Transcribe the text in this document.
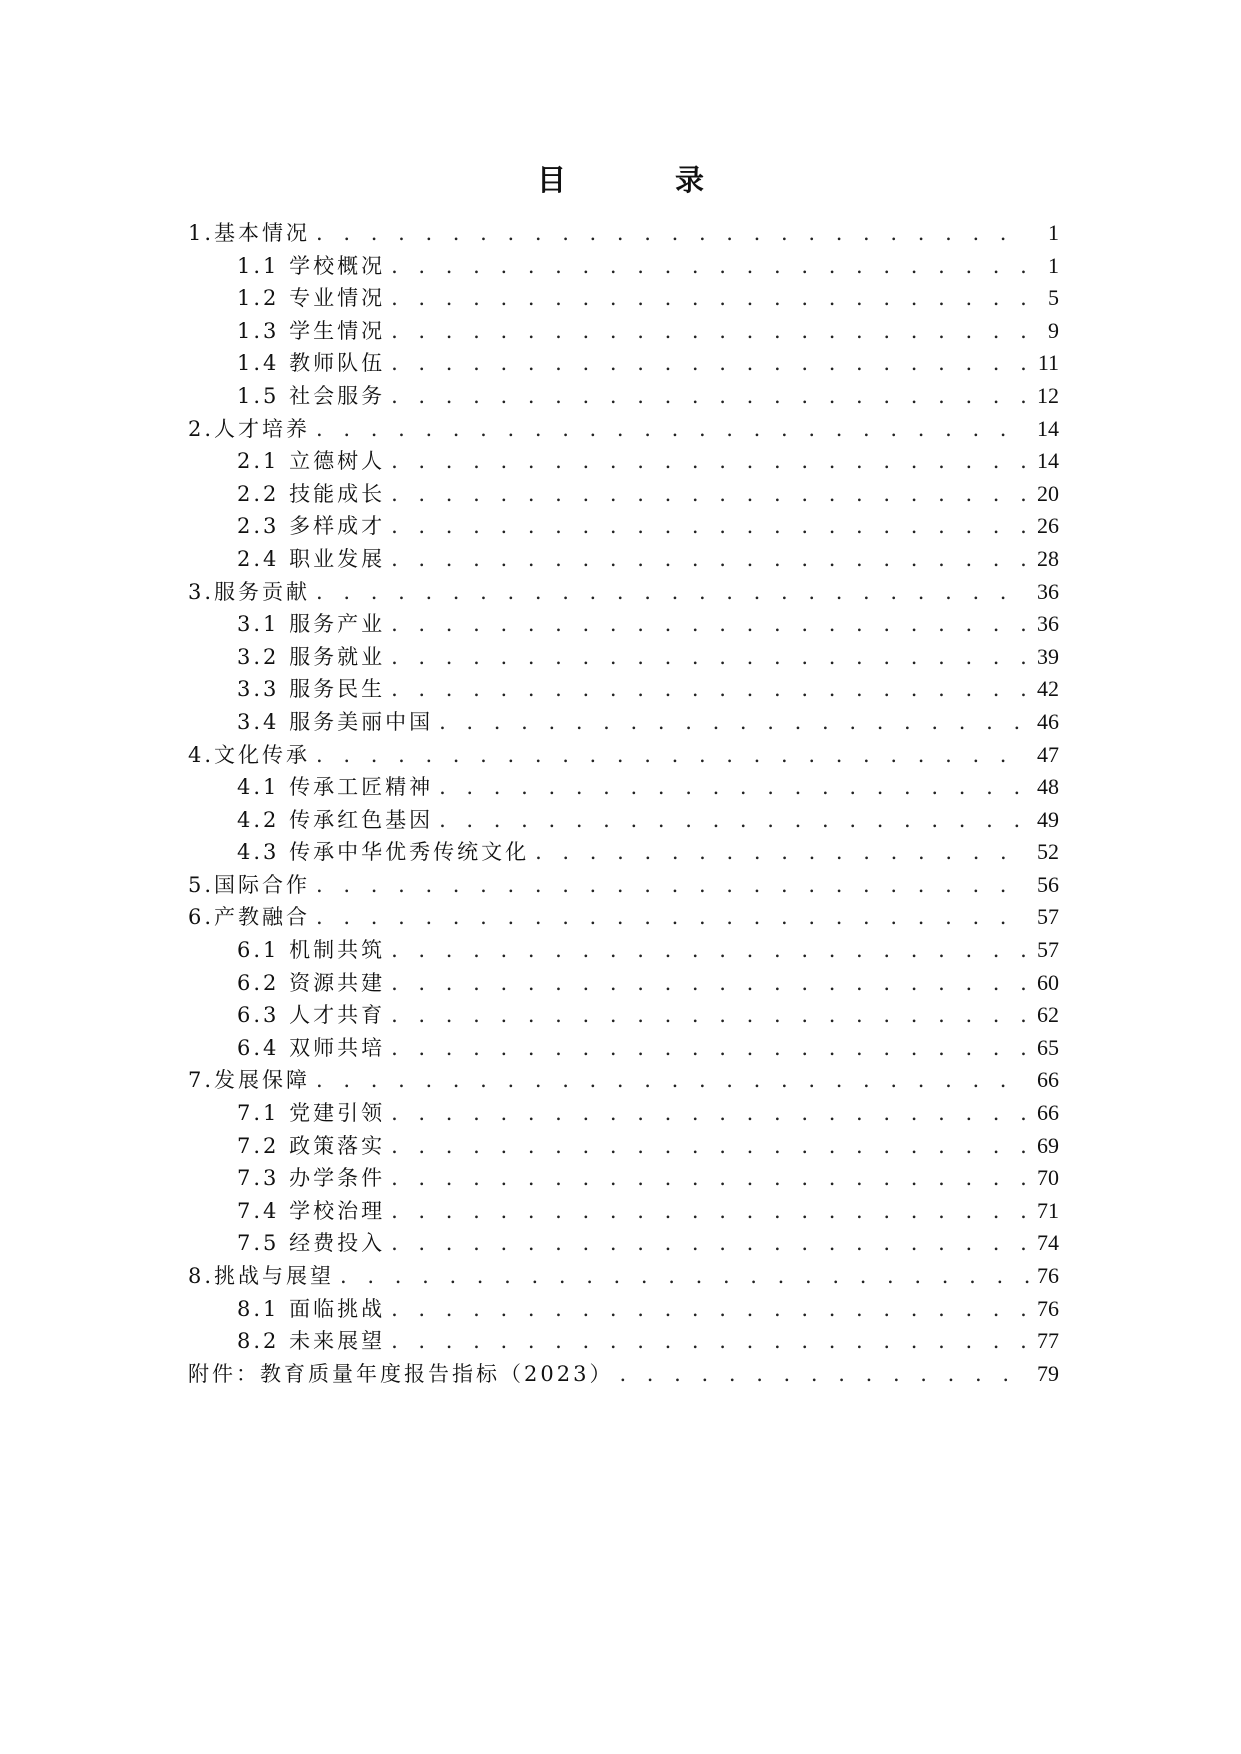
目　录
1.基本情况 . . .	1
1.1 学校概况 . . .	1
1.2 专业情况 . . .	5
1.3 学生情况 . . .	9
1.4 教师队伍 . . .	11
1.5 社会服务 . . .	12
2.人才培养 . . .	14
2.1 立德树人 . . .	14
2.2 技能成长 . . .	20
2.3 多样成才 . . .	26
2.4 职业发展 . . .	28
3.服务贡献 . . .	36
3.1 服务产业 . . .	36
3.2 服务就业 . . .	39
3.3 服务民生 . . .	42
3.4 服务美丽中国 . . .	46
4.文化传承 . . .	47
4.1 传承工匠精神 . . .	48
4.2 传承红色基因 . . .	49
4.3 传承中华优秀传统文化 . . .	52
5.国际合作 . . .	56
6.产教融合 . . .	57
6.1 机制共筑 . . .	57
6.2 资源共建 . . .	60
6.3 人才共育 . . .	62
6.4 双师共培 . . .	65
7.发展保障 . . .	66
7.1 党建引领 . . .	66
7.2 政策落实 . . .	69
7.3 办学条件 . . .	70
7.4 学校治理 . . .	71
7.5 经费投入 . . .	74
8.挑战与展望 . . .	76
8.1 面临挑战 . . .	76
8.2 未来展望 . . .	77
附件：教育质量年度报告指标（2023） . . .	79
